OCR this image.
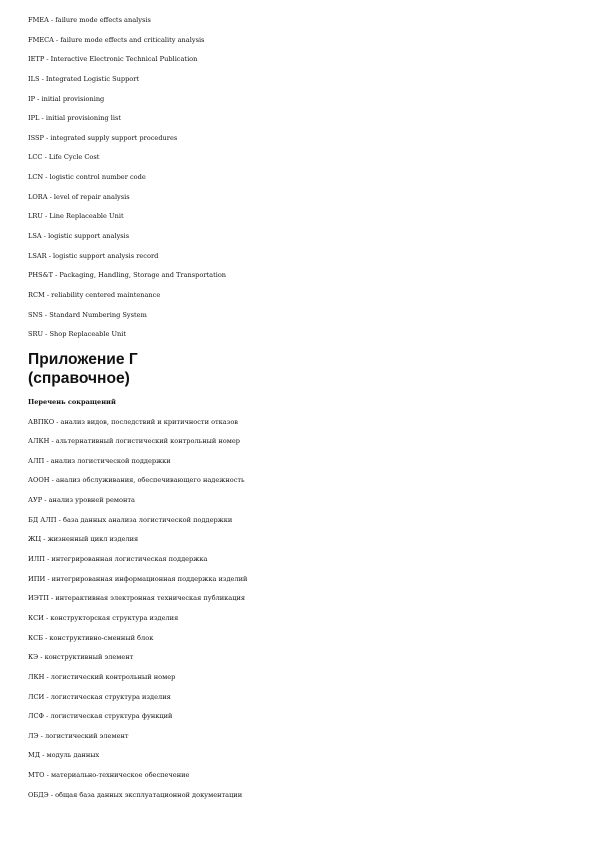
FMEA - failure mode effects analysis
FMECA - failure mode effects and criticality analysis
IETP - Interactive Electronic Technical Publication
ILS - Integrated Logistic Support
IP - initial provisioning
IPL - initial provisioning list
ISSP - integrated supply support procedures
LCC - Life Cycle Cost
LCN - logistic control number code
LORA - level of repair analysis
LRU - Line Replaceable Unit
LSA - logistic support analysis
LSAR - logistic support analysis record
PHS&T - Packaging, Handling, Storage and Transportation
RCM - reliability centered maintenance
SNS - Standard Numbering System
SRU - Shop Replaceable Unit
Приложение Г
(справочное)
Перечень сокращений
АВПКО - анализ видов, последствий и критичности отказов
АЛКН - альтернативный логистический контрольный номер
АЛП - анализ логистической поддержки
АООН - анализ обслуживания, обеспечивающего надежность
АУР - анализ уровней ремонта
БД АЛП - база данных анализа логистической поддержки
ЖЦ - жизненный цикл изделия
ИЛП - интегрированная логистическая поддержка
ИПИ - интегрированная информационная поддержка изделий
ИЭТП - интерактивная электронная техническая публикация
КСИ - конструкторская структура изделия
КСБ - конструктивно-сменный блок
КЭ - конструктивный элемент
ЛКН - логистический контрольный номер
ЛСИ - логистическая структура изделия
ЛСФ - логистическая структура функций
ЛЭ - логистический элемент
МД - модуль данных
МТО - материально-техническое обеспечение
ОБДЭ - общая база данных эксплуатационной документации
